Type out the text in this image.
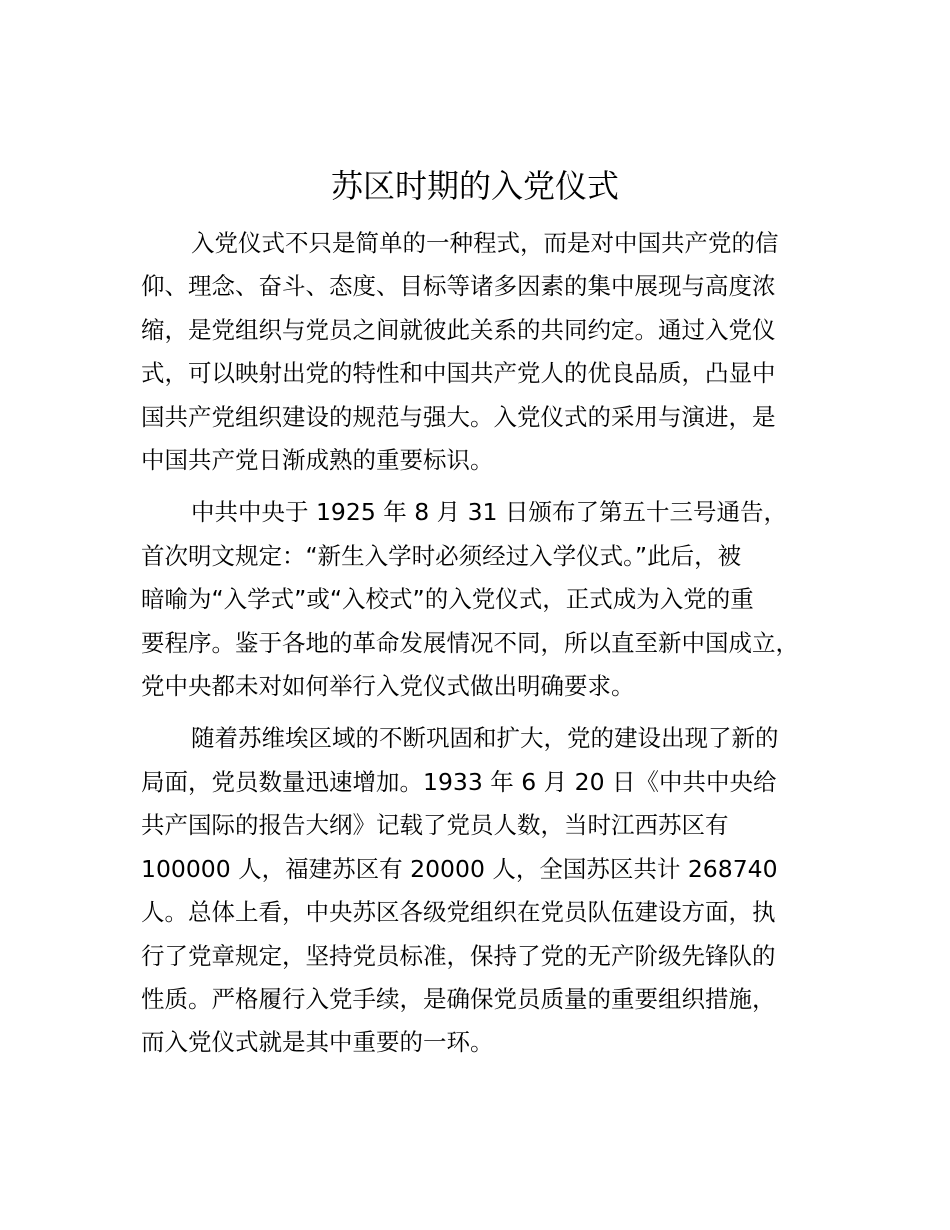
苏区时期的入党仪式

入党仪式不只是简单的一种程式，而是对中国共产党的信
仰、理念、奋斗、态度、目标等诸多因素的集中展现与高度浓
缩，是党组织与党员之间就彼此关系的共同约定。通过入党仪
式，可以映射出党的特性和中国共产党人的优良品质，凸显中
国共产党组织建设的规范与强大。入党仪式的采用与演进，是
中国共产党日渐成熟的重要标识。

中共中央于 1925 年 8 月 31 日颁布了第五十三号通告，
首次明文规定：“新生入学时必须经过入学仪式。”此后，被
暗喻为“入学式”或“入校式”的入党仪式，正式成为入党的重
要程序。鉴于各地的革命发展情况不同，所以直至新中国成立，
党中央都未对如何举行入党仪式做出明确要求。

随着苏维埃区域的不断巩固和扩大，党的建设出现了新的
局面，党员数量迅速增加。1933 年 6 月 20 日《中共中央给
共产国际的报告大纲》记载了党员人数，当时江西苏区有
100000 人，福建苏区有 20000 人，全国苏区共计 268740
人。总体上看，中央苏区各级党组织在党员队伍建设方面，执
行了党章规定，坚持党员标准，保持了党的无产阶级先锋队的
性质。严格履行入党手续，是确保党员质量的重要组织措施，
而入党仪式就是其中重要的一环。
